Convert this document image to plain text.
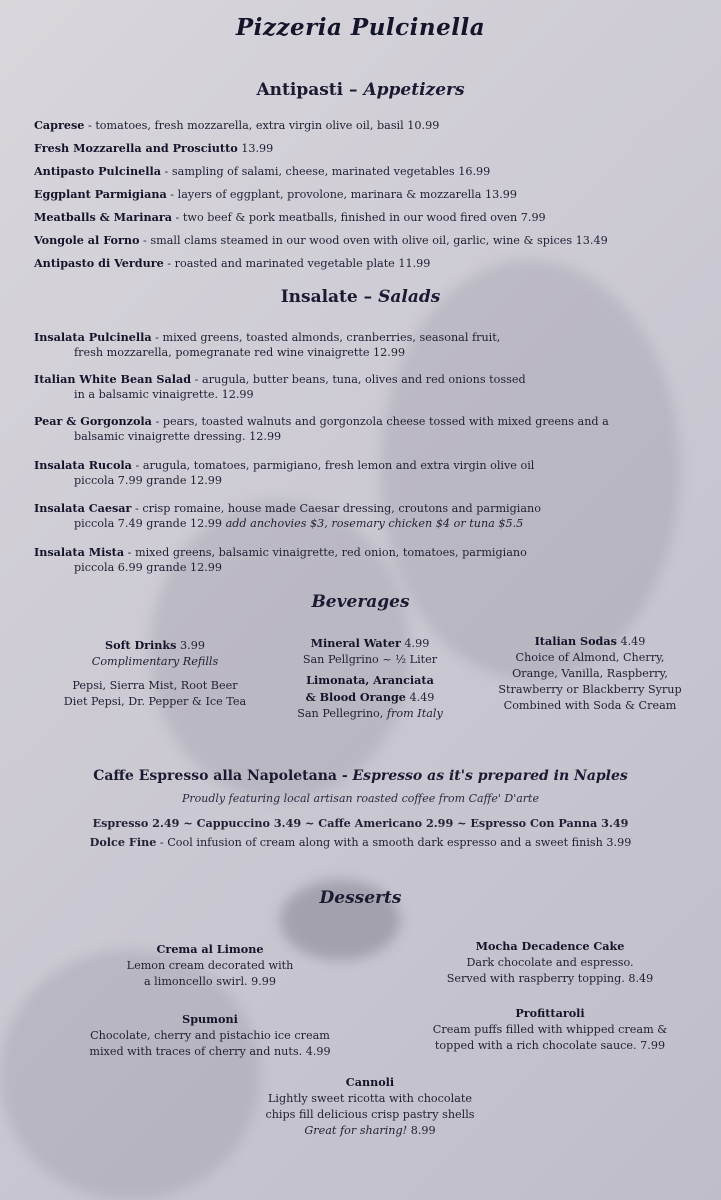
Pizzeria Pulcinella
Antipasti – Appetizers
Caprese - tomatoes, fresh mozzarella, extra virgin olive oil, basil 10.99
Fresh Mozzarella and Prosciutto 13.99
Antipasto Pulcinella - sampling of salami, cheese, marinated vegetables 16.99
Eggplant Parmigiana - layers of eggplant, provolone, marinara & mozzarella 13.99
Meatballs & Marinara - two beef & pork meatballs, finished in our wood fired oven 7.99
Vongole al Forno - small clams steamed in our wood oven with olive oil, garlic, wine & spices 13.49
Antipasto di Verdure - roasted and marinated vegetable plate 11.99
Insalate – Salads
Insalata Pulcinella - mixed greens, toasted almonds, cranberries, seasonal fruit,
fresh mozzarella, pomegranate red wine vinaigrette 12.99
Italian White Bean Salad - arugula, butter beans, tuna, olives and red onions tossed
in a balsamic vinaigrette. 12.99
Pear & Gorgonzola - pears, toasted walnuts and gorgonzola cheese tossed with mixed greens and a
balsamic vinaigrette dressing. 12.99
Insalata Rucola - arugula, tomatoes, parmigiano, fresh lemon and extra virgin olive oil
piccola 7.99 grande 12.99
Insalata Caesar - crisp romaine, house made Caesar dressing, croutons and parmigiano
piccola 7.49 grande 12.99 add anchovies $3, rosemary chicken $4 or tuna $5.5
Insalata Mista - mixed greens, balsamic vinaigrette, red onion, tomatoes, parmigiano
piccola 6.99 grande 12.99
Beverages
Soft Drinks 3.99
Complimentary Refills

Pepsi, Sierra Mist, Root Beer
Diet Pepsi, Dr. Pepper & Ice Tea
Mineral Water 4.99
San Pellgrino ~ ½ Liter

Limonata, Aranciata
& Blood Orange 4.49
San Pellegrino, from Italy
Italian Sodas 4.49
Choice of Almond, Cherry,
Orange, Vanilla, Raspberry,
Strawberry or Blackberry Syrup
Combined with Soda & Cream
Caffe Espresso alla Napoletana - Espresso as it's prepared in Naples
Proudly featuring local artisan roasted coffee from Caffe' D'arte
Espresso 2.49 ~ Cappuccino 3.49 ~ Caffe Americano 2.99 ~ Espresso Con Panna 3.49
Dolce Fine - Cool infusion of cream along with a smooth dark espresso and a sweet finish 3.99
Desserts
Crema al Limone
Lemon cream decorated with
a limoncello swirl. 9.99
Mocha Decadence Cake
Dark chocolate and espresso.
Served with raspberry topping. 8.49
Spumoni
Chocolate, cherry and pistachio ice cream
mixed with traces of cherry and nuts. 4.99
Profittaroli
Cream puffs filled with whipped cream &
topped with a rich chocolate sauce. 7.99
Cannoli
Lightly sweet ricotta with chocolate
chips fill delicious crisp pastry shells
Great for sharing! 8.99
